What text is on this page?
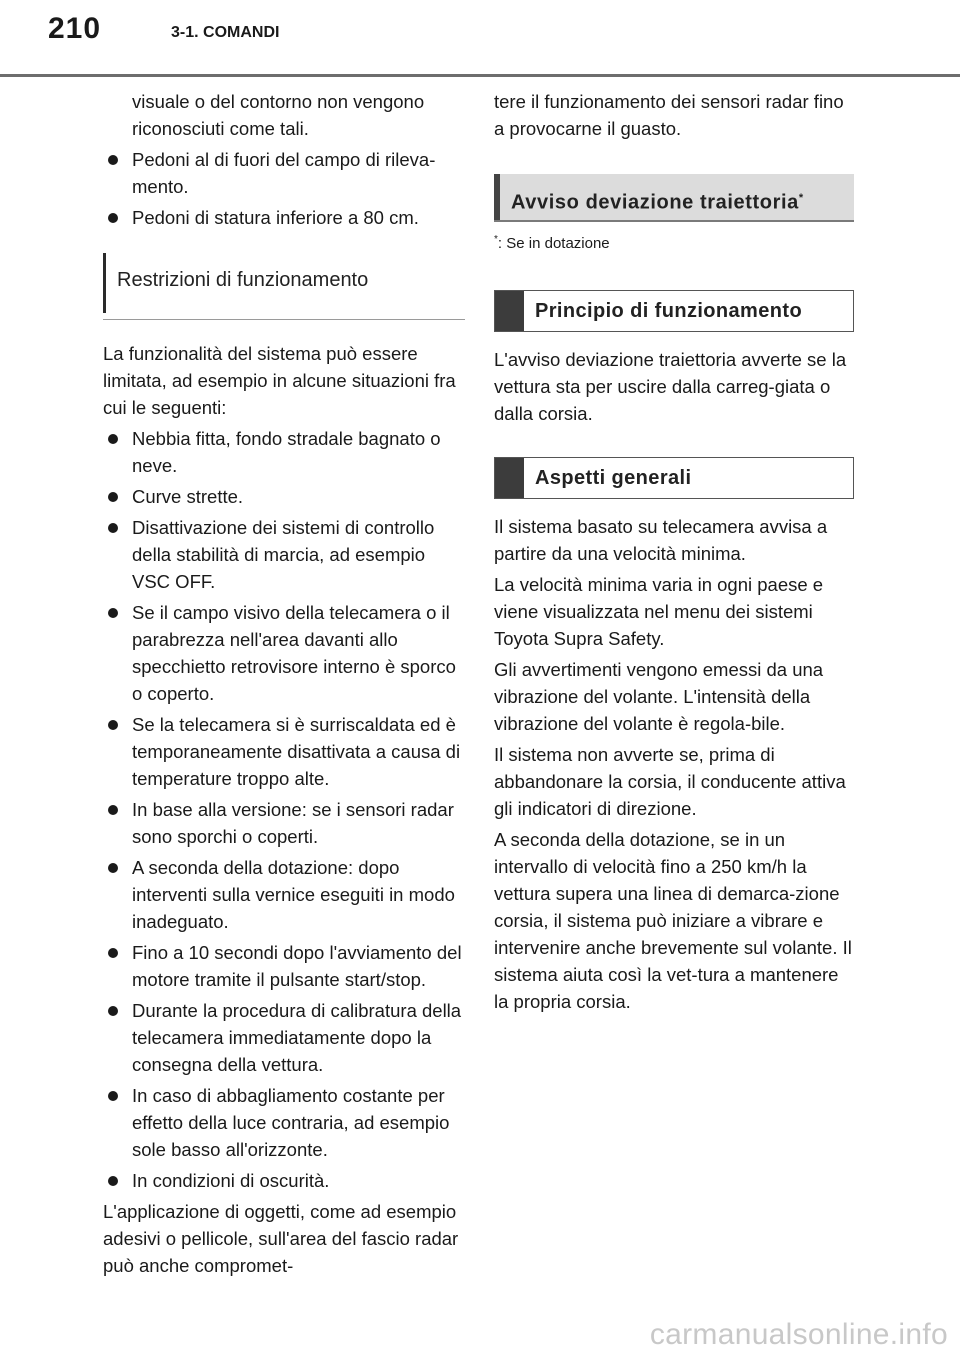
210	3-1. COMANDI

visuale o del contorno non vengono riconosciuti come tali.

Pedoni al di fuori del campo di rileva-mento.
Pedoni di statura inferiore a 80 cm.
Restrizioni di funzionamento

La funzionalità del sistema può essere limitata, ad esempio in alcune situazioni fra cui le seguenti:

Nebbia fitta, fondo stradale bagnato o neve.
Curve strette.
Disattivazione dei sistemi di controllo della stabilità di marcia, ad esempio VSC OFF.
Se il campo visivo della telecamera o il parabrezza nell'area davanti allo specchietto retrovisore interno è sporco o coperto.
Se la telecamera si è surriscaldata ed è temporaneamente disattivata a causa di temperature troppo alte.
In base alla versione: se i sensori radar sono sporchi o coperti.
A seconda della dotazione: dopo interventi sulla vernice eseguiti in modo inadeguato.
Fino a 10 secondi dopo l'avviamento del motore tramite il pulsante start/stop.
Durante la procedura di calibratura della telecamera immediatamente dopo la consegna della vettura.
In caso di abbagliamento costante per effetto della luce contraria, ad esempio sole basso all'orizzonte.
In condizioni di oscurità.

L'applicazione di oggetti, come ad esempio adesivi o pellicole, sull'area del fascio radar può anche compromet-

tere il funzionamento dei sensori radar fino a provocarne il guasto.

Avviso deviazione traiettoria*
*: Se in dotazione
Principio di funzionamento

L'avviso deviazione traiettoria avverte se la vettura sta per uscire dalla carreg-giata o dalla corsia.

Aspetti generali

Il sistema basato su telecamera avvisa a partire da una velocità minima.

La velocità minima varia in ogni paese e viene visualizzata nel menu dei sistemi Toyota Supra Safety.

Gli avvertimenti vengono emessi da una vibrazione del volante. L'intensità della vibrazione del volante è regola-bile.

Il sistema non avverte se, prima di abbandonare la corsia, il conducente attiva gli indicatori di direzione.

A seconda della dotazione, se in un intervallo di velocità fino a 250 km/h la vettura supera una linea di demarca-zione corsia, il sistema può iniziare a vibrare e intervenire anche brevemente sul volante. Il sistema aiuta così la vet-tura a mantenere la propria corsia.

carmanualsonline.info
